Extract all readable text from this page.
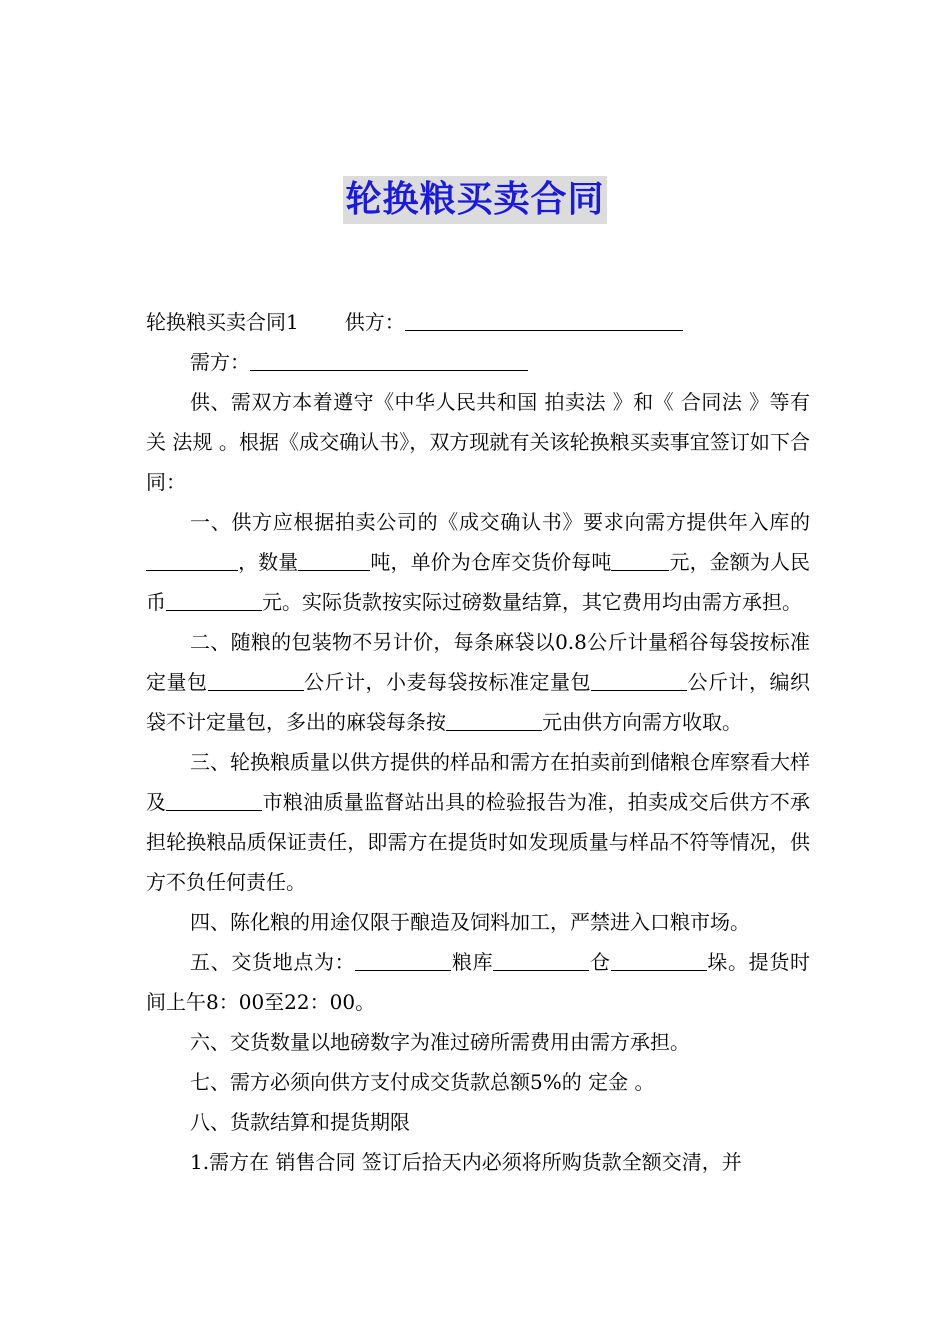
轮换粮买卖合同

轮换粮买卖合同1 供方：

需方：

供、需双方本着遵守《中华人民共和国 拍卖法 》和《 合同法 》等有关 法规 。根据《成交确认书》，双方现就有关该轮换粮买卖事宜签订如下合同：

一、供方应根据拍卖公司的《成交确认书》要求向需方提供年入库的，数量	吨，单价为仓库交货价每吨	元，金额为人民币	元。实际货款按实际过磅数量结算，其它费用均由需方承担。

二、随粮的包装物不另计价，每条麻袋以0.8公斤计量稻谷每袋按标准定量包	公斤计，小麦每袋按标准定量包	公斤计，编织袋不计定量包，多出的麻袋每条按	元由供方向需方收取。

三、轮换粮质量以供方提供的样品和需方在拍卖前到储粮仓库察看大样及	市粮油质量监督站出具的检验报告为准，拍卖成交后供方不承担轮换粮品质保证责任，即需方在提货时如发现质量与样品不符等情况，供方不负任何责任。

四、陈化粮的用途仅限于酿造及饲料加工，严禁进入口粮市场。

五、交货地点为：	粮库	仓	垛。提货时间上午8：00至22：00。

六、交货数量以地磅数字为准过磅所需费用由需方承担。

七、需方必须向供方支付成交货款总额5%的 定金 。

八、货款结算和提货期限

1.需方在 销售合同 签订后拾天内必须将所购货款全额交清，并
